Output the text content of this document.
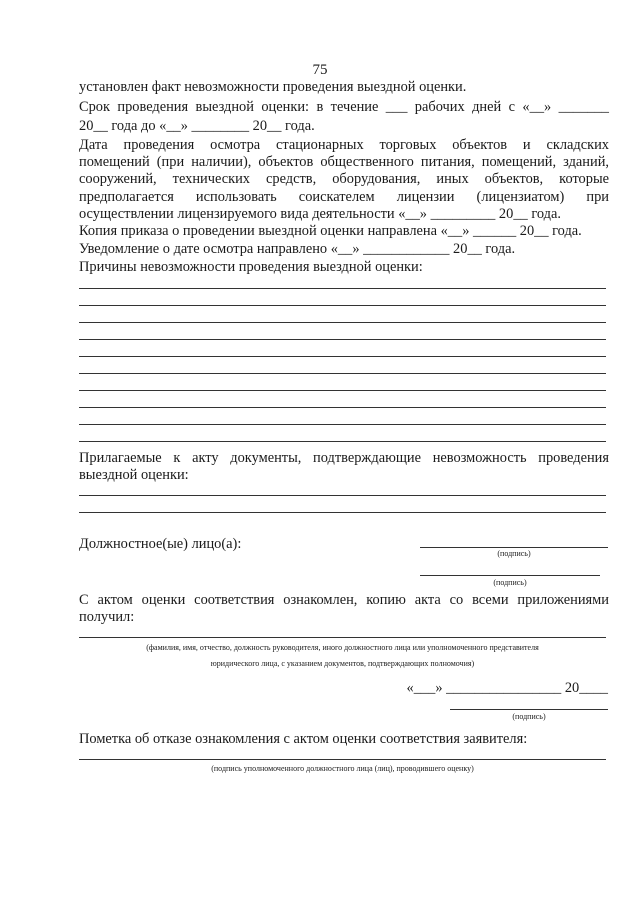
75
установлен факт невозможности проведения выездной оценки.
Срок проведения выездной оценки: в течение ___ рабочих дней с «__» _______
20__ года до «__» ________ 20__ года.
Дата проведения осмотра стационарных торговых объектов и складских
помещений (при наличии), объектов общественного питания, помещений, зданий,
сооружений, технических средств, оборудования, иных объектов, которые
предполагается использовать соискателем лицензии (лицензиатом) при
осуществлении лицензируемого вида деятельности «__» _________ 20__ года.
Копия приказа о проведении выездной оценки направлена «__» ______ 20__ года.
Уведомление о дате осмотра направлено «__» ____________ 20__ года.
Причины невозможности проведения выездной оценки:
Прилагаемые к акту документы, подтверждающие невозможность проведения
выездной оценки:
Должностное(ые) лицо(а):
(подпись)
(подпись)
С актом оценки соответствия ознакомлен, копию акта со всеми приложениями
получил:
(фамилия, имя, отчество, должность руководителя, иного должностного лица или уполномоченного представителя
юридического лица, с указанием документов, подтверждающих полномочия)
«___» ________________ 20____
(подпись)
Пометка об отказе ознакомления с актом оценки соответствия заявителя:
(подпись уполномоченного должностного лица (лиц), проводившего оценку)
